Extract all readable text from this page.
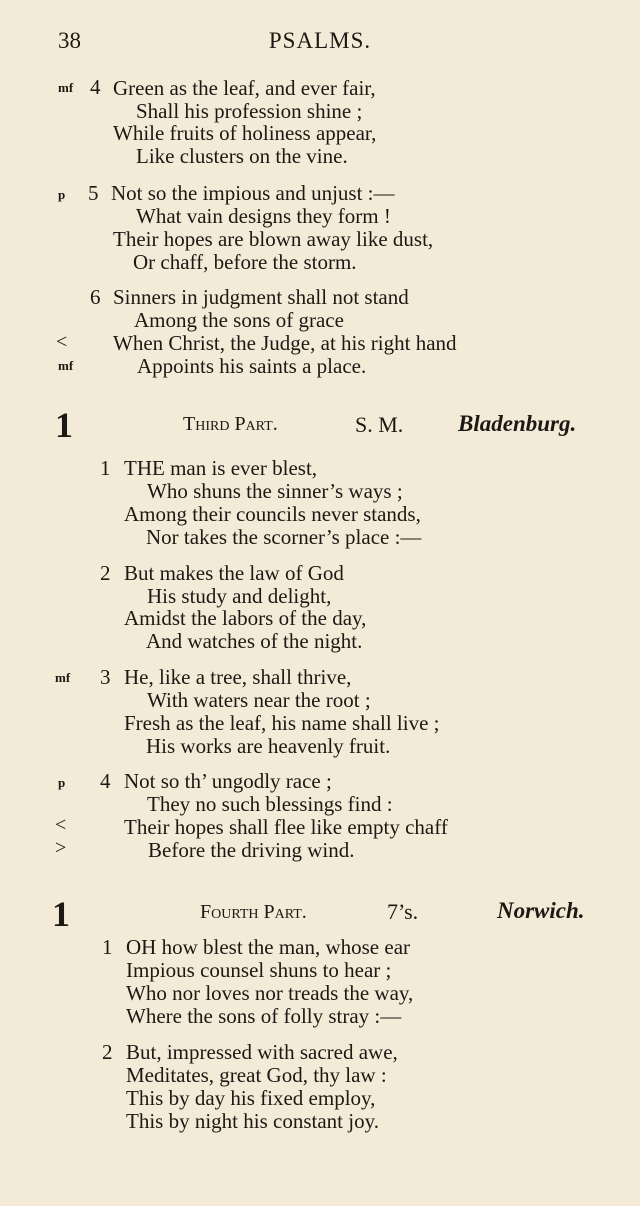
38	PSALMS.
mf 4 Green as the leaf, and ever fair,
Shall his profession shine ;
While fruits of holiness appear,
Like clusters on the vine.
p 5 Not so the impious and unjust :—
What vain designs they form !
Their hopes are blown away like dust,
Or chaff, before the storm.
6 Sinners in judgment shall not stand
Among the sons of grace
< When Christ, the Judge, at his right hand
mf	Appoints his saints a place.
1	Third Part.	S. M. Bladenburg.
1 THE man is ever blest,
Who shuns the sinner’s ways ;
Among their councils never stands,
Nor takes the scorner’s place :—
2 But makes the law of God
His study and delight,
Amidst the labors of the day,
And watches of the night.
mf 3 He, like a tree, shall thrive,
With waters near the root ;
Fresh as the leaf, his name shall live ;
His works are heavenly fruit.
p 4 Not so th’ ungodly race ;
They no such blessings find :
<	Their hopes shall flee like empty chaff
>	Before the driving wind.
1	Fourth Part.	7’s.	Norwich.
1 OH how blest the man, whose ear
Impious counsel shuns to hear ;
Who nor loves nor treads the way,
Where the sons of folly stray :—
2 But, impressed with sacred awe,
Meditates, great God, thy law :
This by day his fixed employ,
This by night his constant joy.
